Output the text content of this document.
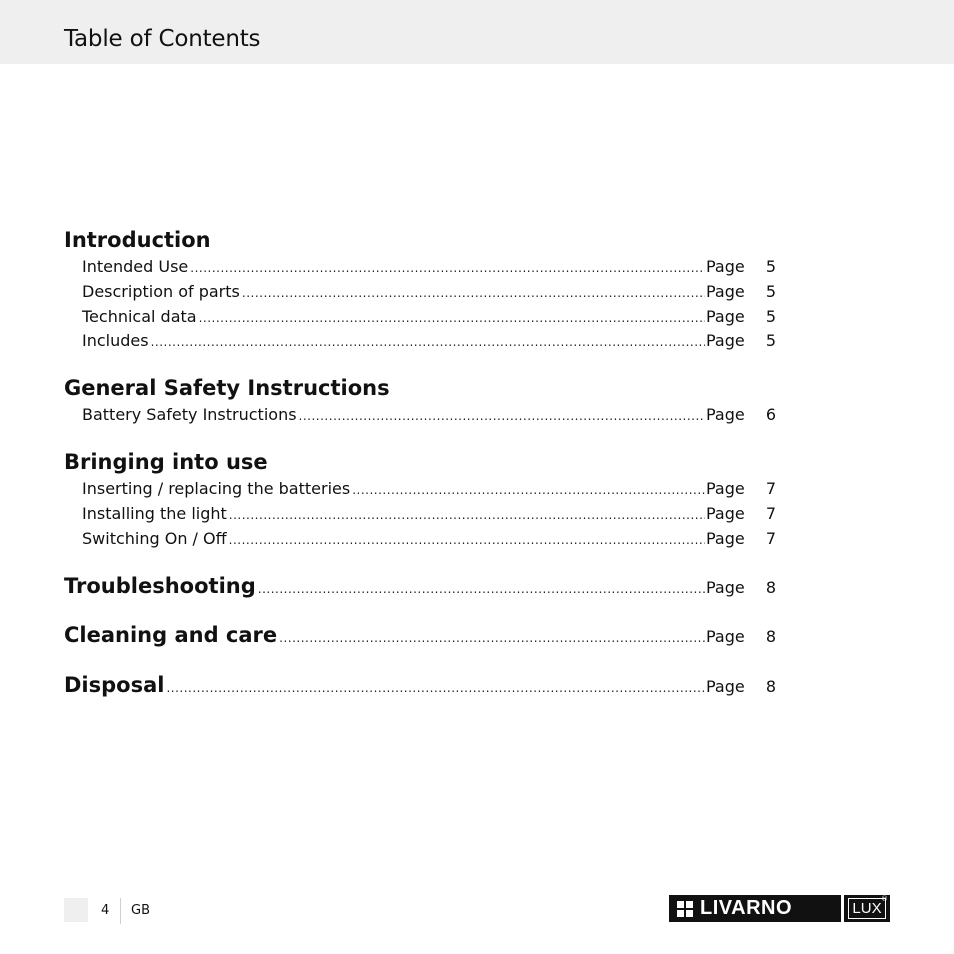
Table of Contents
Introduction
Intended Use .....	Page	5
Description of parts .....	Page	5
Technical data .....	Page	5
Includes .....	Page	5
General Safety Instructions
Battery Safety Instructions .....	Page	6
Bringing into use
Inserting / replacing the batteries .....	Page	7
Installing the light .....	Page	7
Switching On / Off .....	Page	7
Troubleshooting .....	Page	8
Cleaning and care .....	Page	8
Disposal .....	Page	8
4 GB	LIVARNO	LUX
®
